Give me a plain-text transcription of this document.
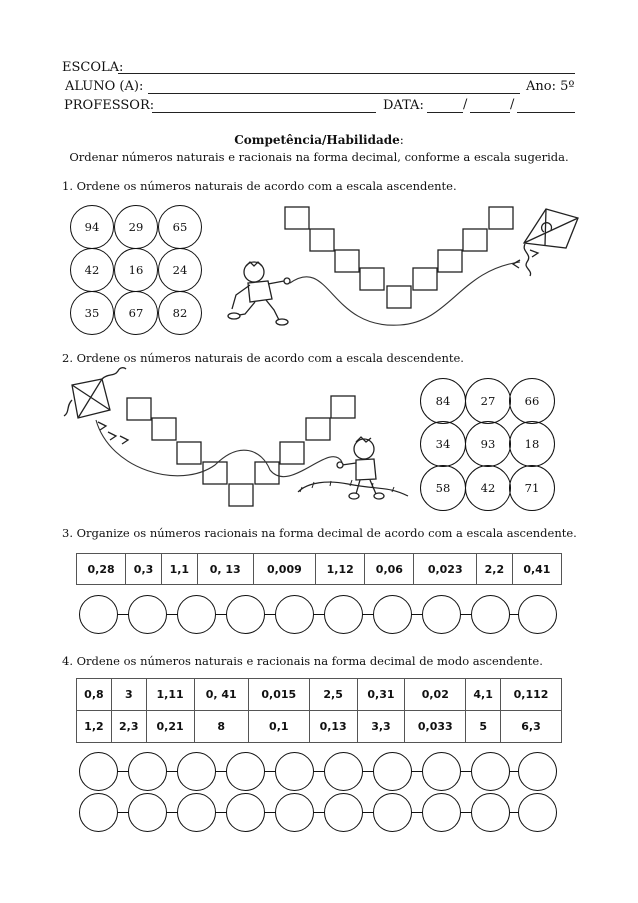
ESCOLA:
ALUNO (A):	Ano: 5º
PROFESSOR:	DATA:	/	/
Competência/Habilidade:
Ordenar números naturais e racionais na forma decimal, conforme a escala sugerida.
1. Ordene os números naturais de acordo com a escala ascendente.
94	29	65
42	16	24
35	67	82
2. Ordene os números naturais de acordo com a escala descendente.
84	27	66
34	93	18
58	42	71
3. Organize os números racionais na forma decimal de acordo com a escala ascendente.
0,28	0,3	1,1	0, 13	0,009	1,12	0,06	0,023	2,2	0,41
4. Ordene os números naturais e racionais na forma decimal de modo ascendente.
0,8	3	1,11	0, 41	0,015	2,5	0,31	0,02	4,1	0,112
1,2	2,3	0,21	8	0,1	0,13	3,3	0,033	5	6,3
